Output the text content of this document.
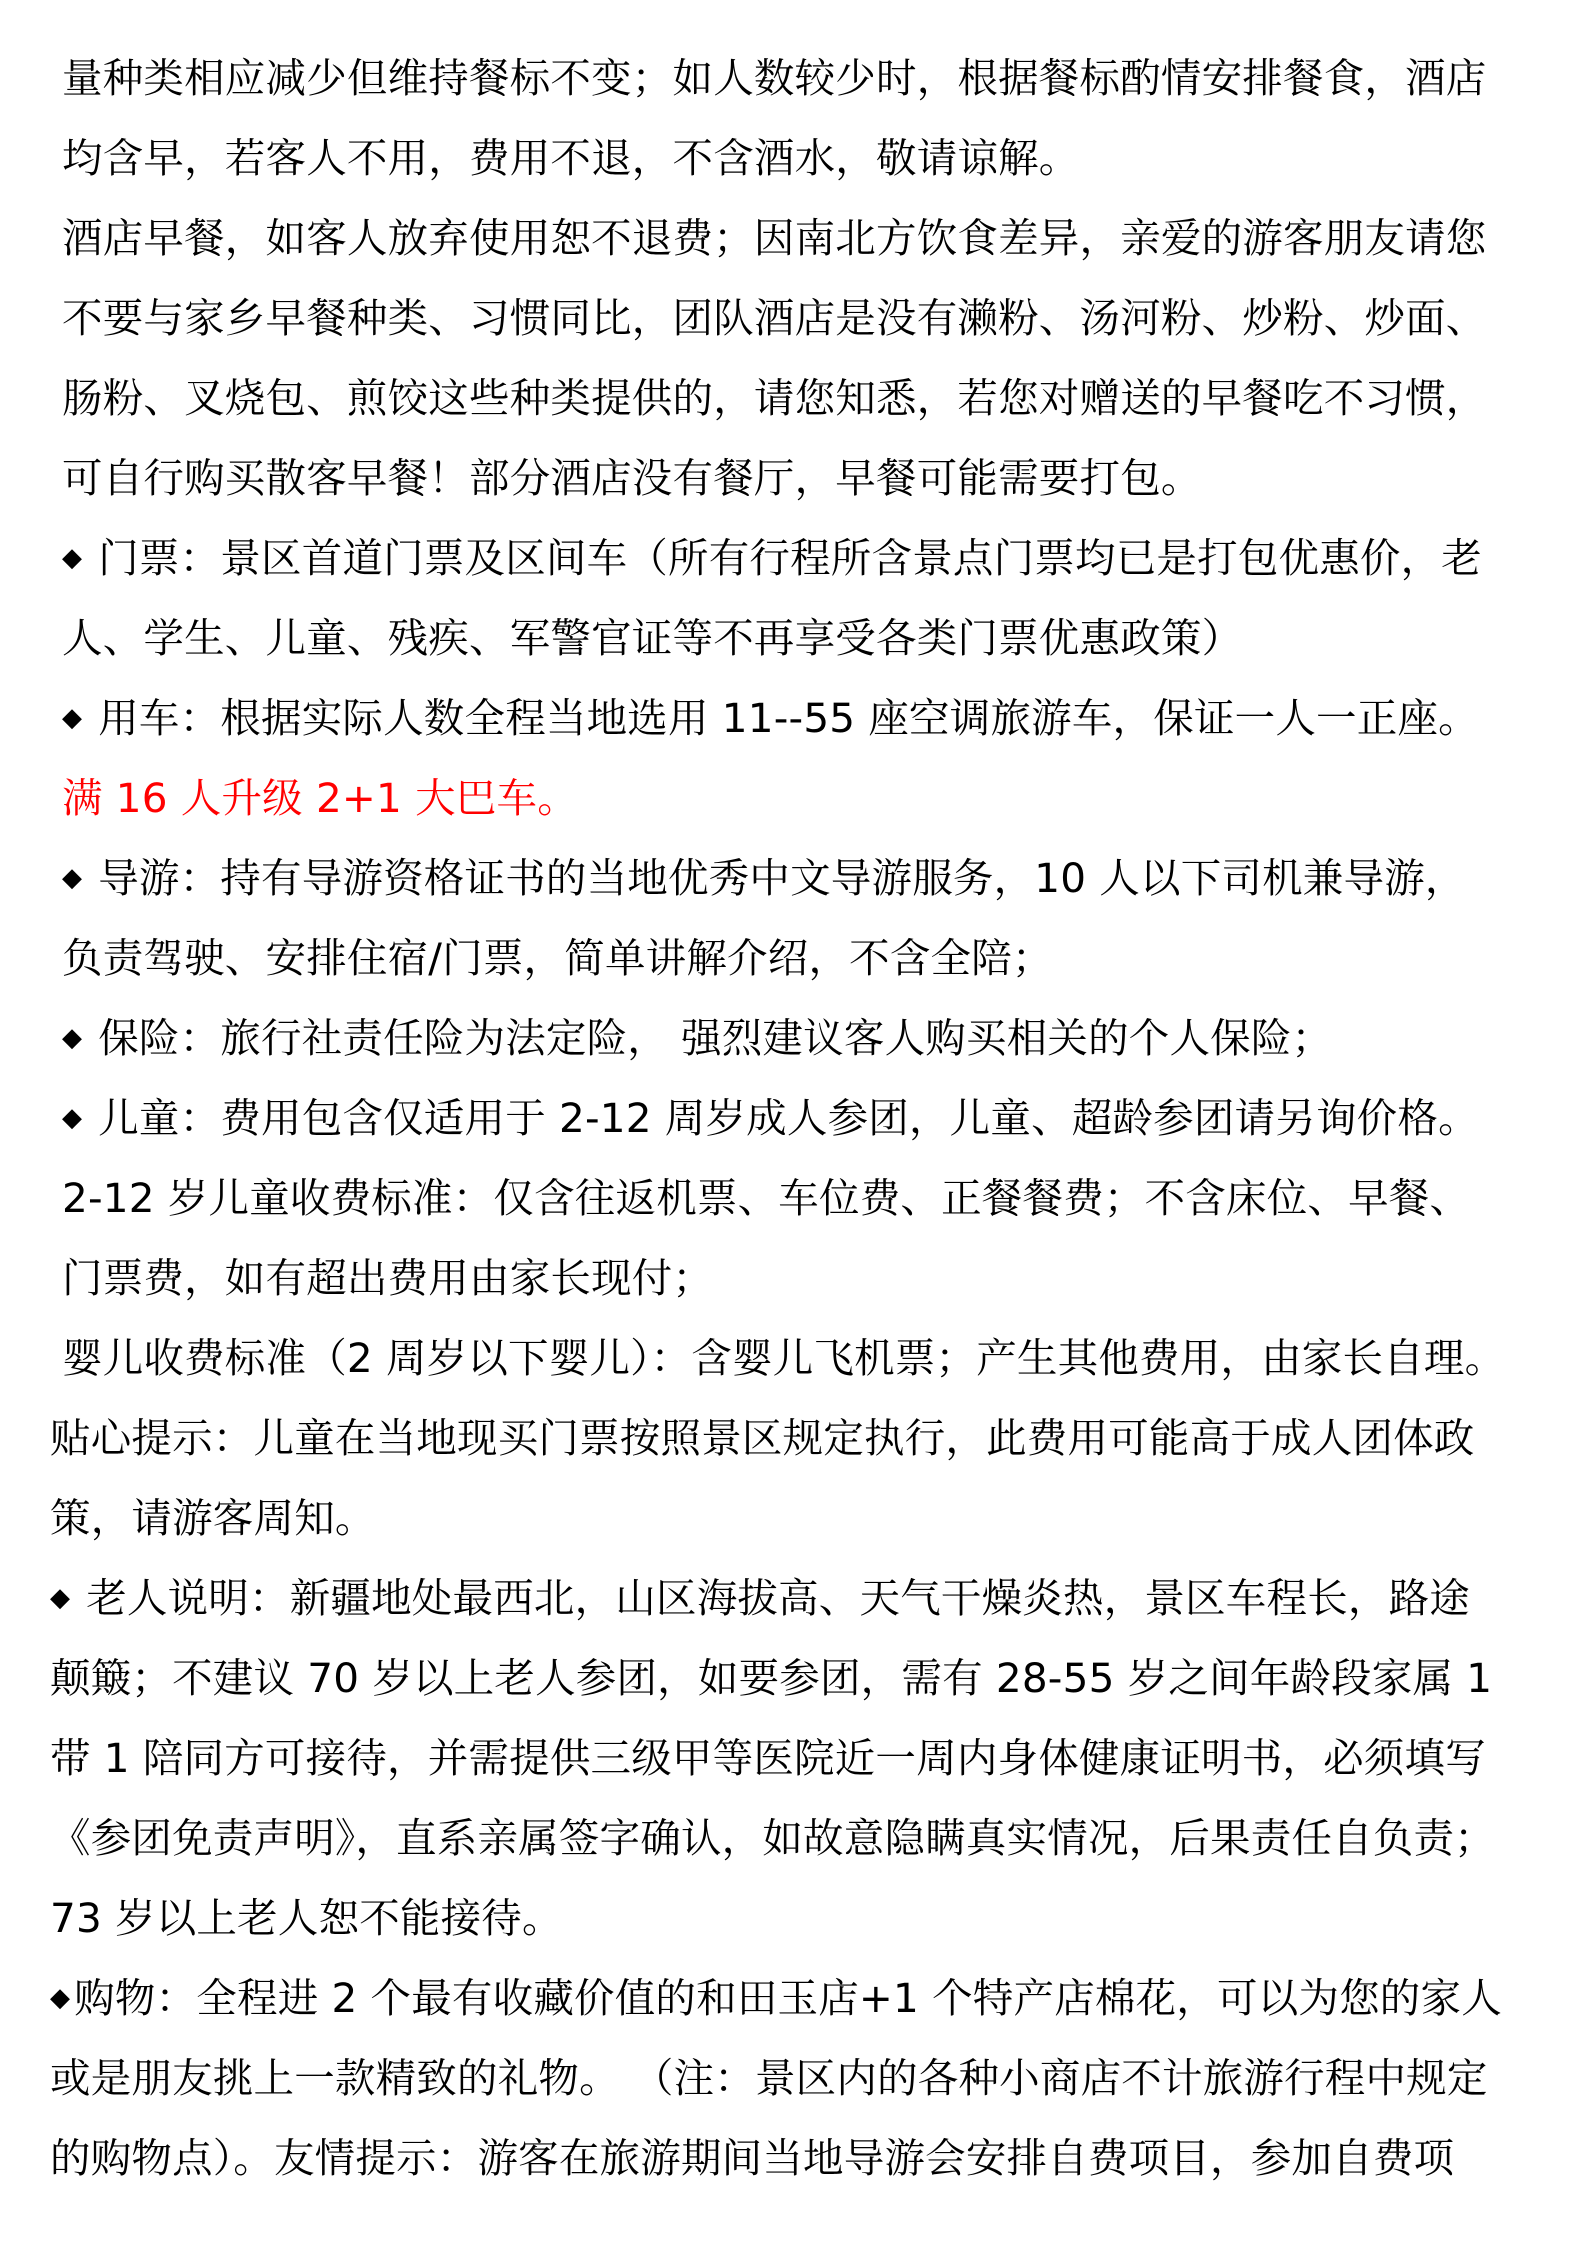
量种类相应减少但维持餐标不变；如人数较少时，根据餐标酌情安排餐食，酒店
均含早，若客人不用，费用不退，不含酒水，敬请谅解。
酒店早餐，如客人放弃使用恕不退费；因南北方饮食差异，亲爱的游客朋友请您
不要与家乡早餐种类、习惯同比，团队酒店是没有濑粉、汤河粉、炒粉、炒面、
肠粉、叉烧包、煎饺这些种类提供的，请您知悉，若您对赠送的早餐吃不习惯，
可自行购买散客早餐！部分酒店没有餐厅，早餐可能需要打包。
◆ 门票：景区首道门票及区间车（所有行程所含景点门票均已是打包优惠价，老
人、学生、儿童、残疾、军警官证等不再享受各类门票优惠政策）
◆ 用车：根据实际人数全程当地选用 11--55 座空调旅游车，保证一人一正座。
满 16 人升级 2+1 大巴车。
◆ 导游：持有导游资格证书的当地优秀中文导游服务，10 人以下司机兼导游，
负责驾驶、安排住宿/门票，简单讲解介绍，不含全陪；
◆ 保险：旅行社责任险为法定险， 强烈建议客人购买相关的个人保险；
◆ 儿童：费用包含仅适用于 2-12 周岁成人参团，儿童、超龄参团请另询价格。
2-12 岁儿童收费标准：仅含往返机票、车位费、正餐餐费；不含床位、早餐、
门票费，如有超出费用由家长现付；
婴儿收费标准（2 周岁以下婴儿）：含婴儿飞机票；产生其他费用，由家长自理。
贴心提示：儿童在当地现买门票按照景区规定执行，此费用可能高于成人团体政
策，请游客周知。
◆ 老人说明：新疆地处最西北，山区海拔高、天气干燥炎热，景区车程长，路途
颠簸；不建议 70 岁以上老人参团，如要参团，需有 28-55 岁之间年龄段家属 1
带 1 陪同方可接待，并需提供三级甲等医院近一周内身体健康证明书，必须填写
《参团免责声明》，直系亲属签字确认，如故意隐瞒真实情况，后果责任自负责；
73 岁以上老人恕不能接待。
◆购物：全程进 2 个最有收藏价值的和田玉店+1 个特产店棉花，可以为您的家人
或是朋友挑上一款精致的礼物。 （注：景区内的各种小商店不计旅游行程中规定
的购物点）。友情提示：游客在旅游期间当地导游会安排自费项目，参加自费项
